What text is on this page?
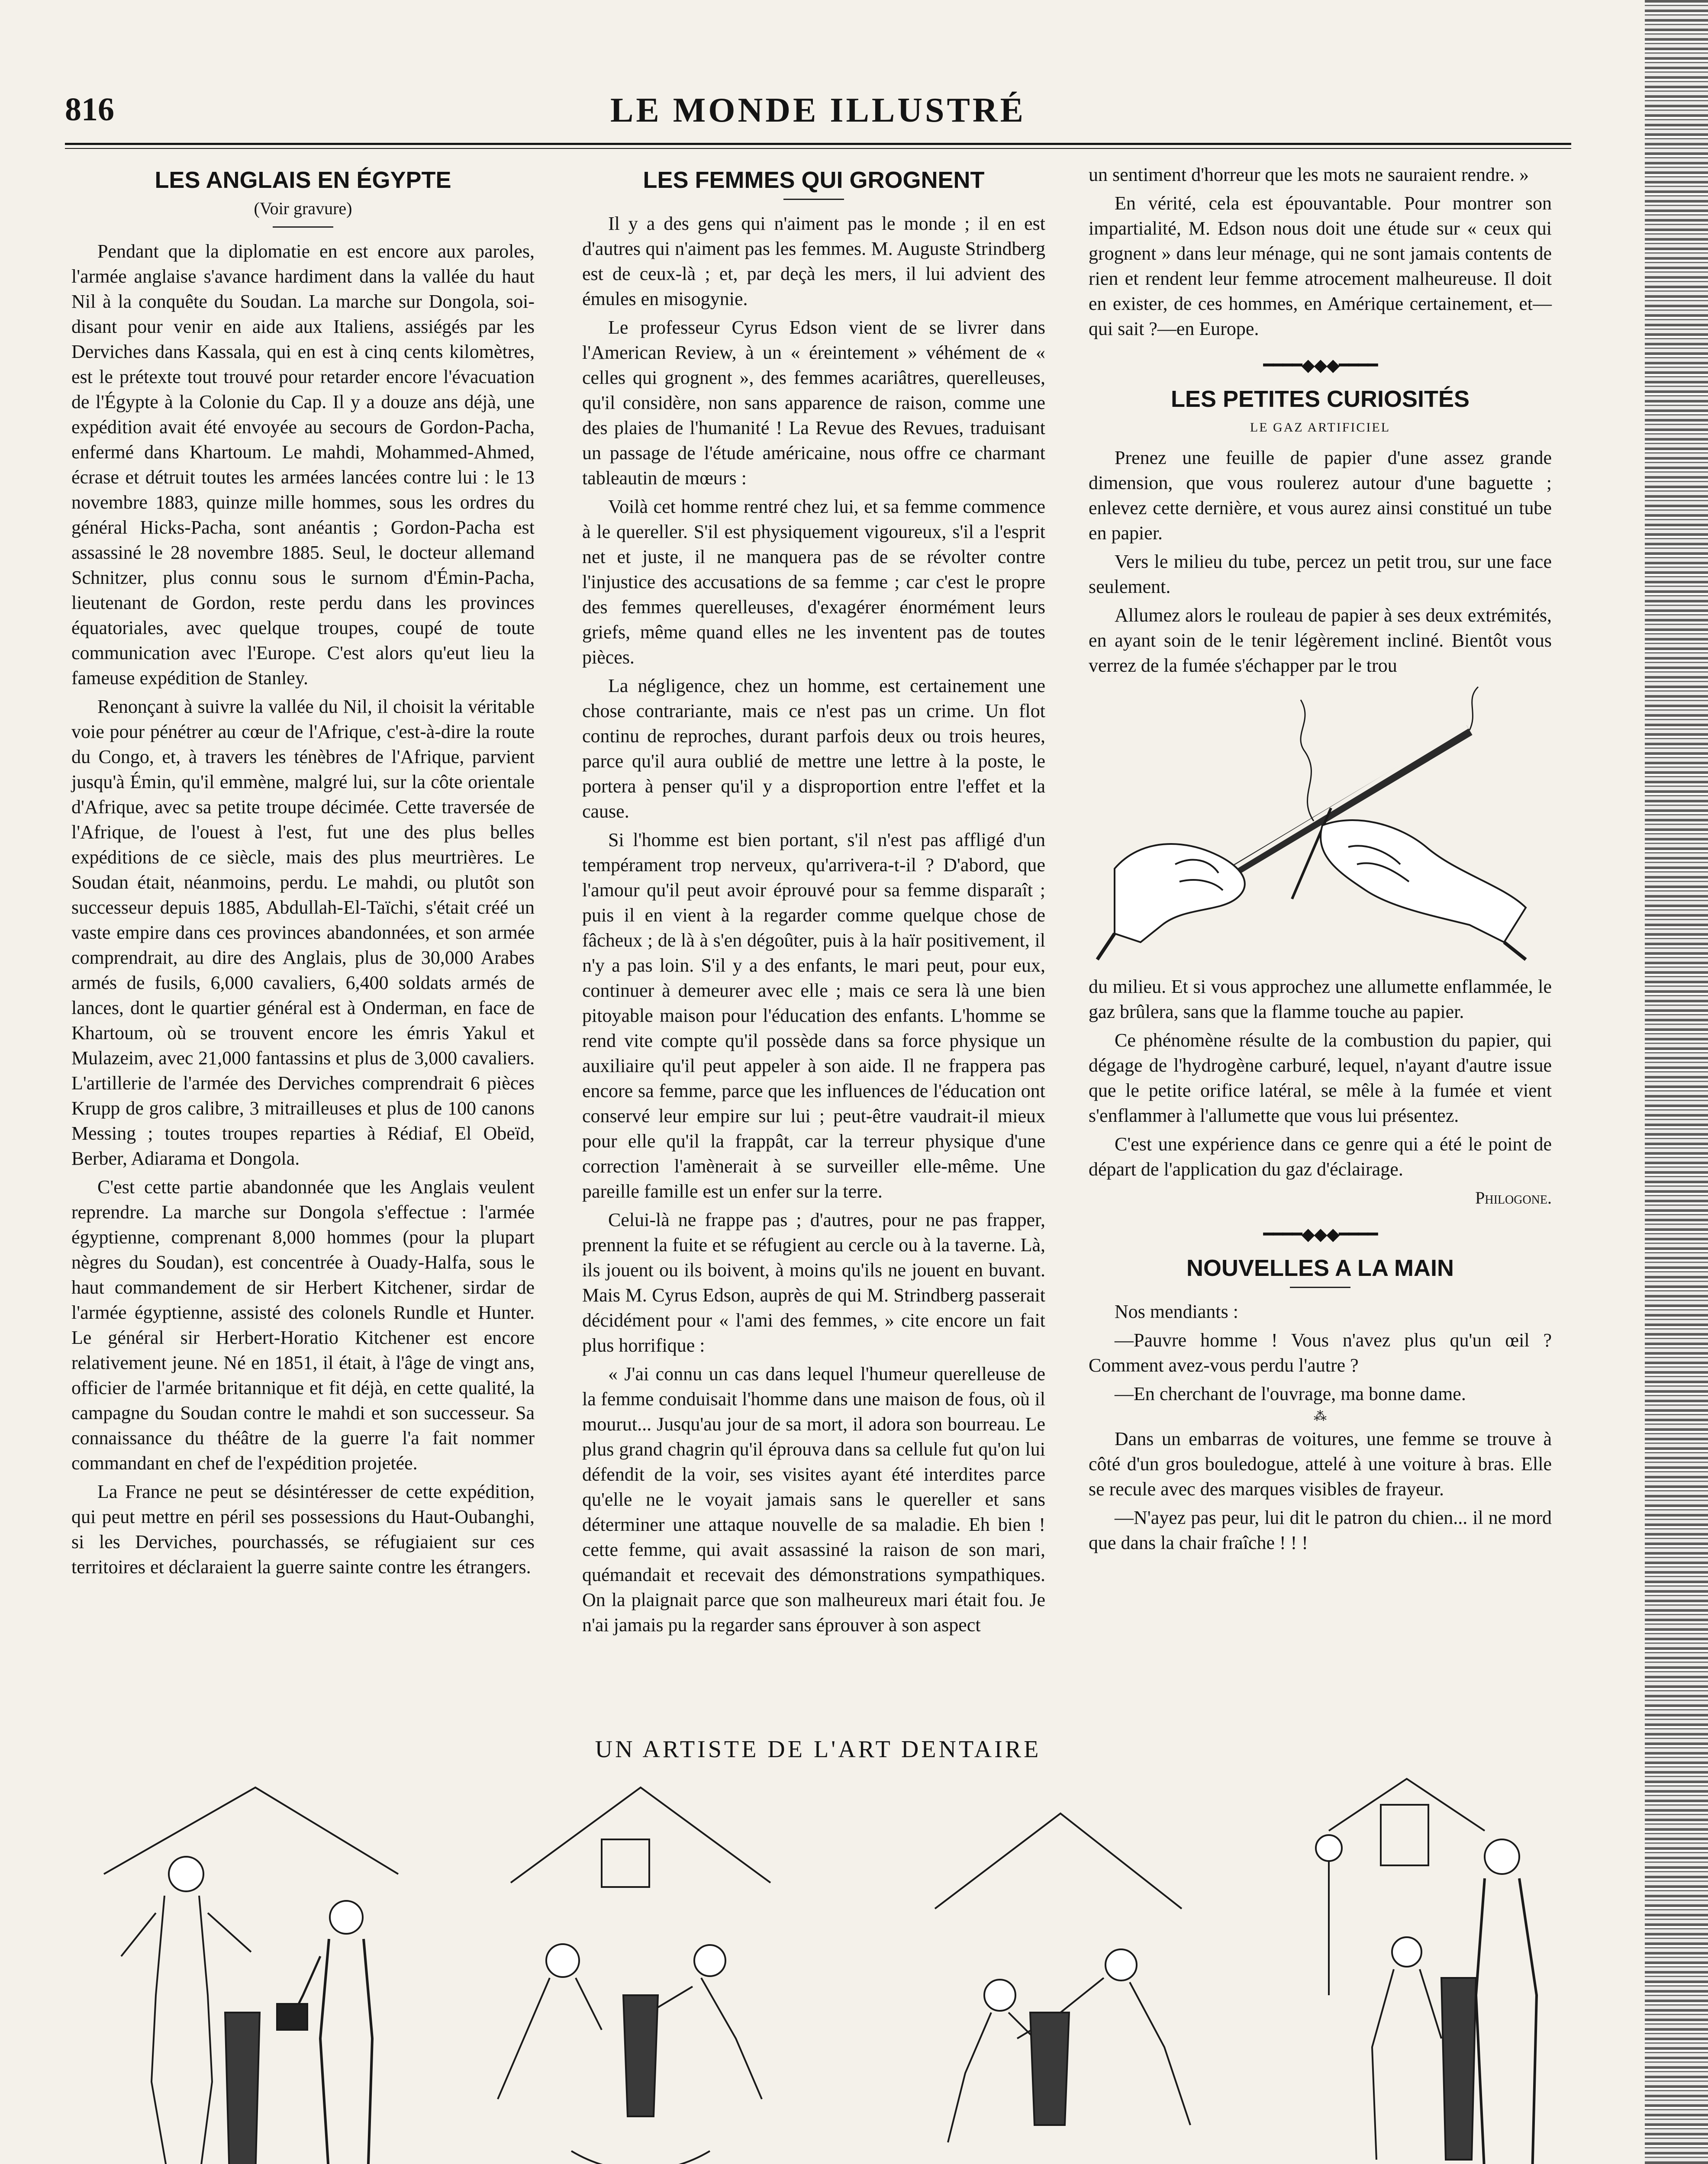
816	LE MONDE ILLUSTRÉ
LES ANGLAIS EN ÉGYPTE
(Voir gravure)

Pendant que la diplomatie en est encore aux paroles, l'armée anglaise s'avance hardiment dans la vallée du haut Nil à la conquête du Soudan. La marche sur Dongola, soi-disant pour venir en aide aux Italiens, assiégés par les Derviches dans Kassala, qui en est à cinq cents kilomètres, est le prétexte tout trouvé pour retarder encore l'évacuation de l'Égypte à la Colonie du Cap. Il y a douze ans déjà, une expédition avait été envoyée au secours de Gordon-Pacha, enfermé dans Khartoum. Le mahdi, Mohammed-Ahmed, écrase et détruit toutes les armées lancées contre lui : le 13 novembre 1883, quinze mille hommes, sous les ordres du général Hicks-Pacha, sont anéantis ; Gordon-Pacha est assassiné le 28 novembre 1885. Seul, le docteur allemand Schnitzer, plus connu sous le surnom d'Émin-Pacha, lieutenant de Gordon, reste perdu dans les provinces équatoriales, avec quelque troupes, coupé de toute communication avec l'Europe. C'est alors qu'eut lieu la fameuse expédition de Stanley.

Renonçant à suivre la vallée du Nil, il choisit la véritable voie pour pénétrer au cœur de l'Afrique, c'est-à-dire la route du Congo, et, à travers les ténèbres de l'Afrique, parvient jusqu'à Émin, qu'il emmène, malgré lui, sur la côte orientale d'Afrique, avec sa petite troupe décimée. Cette traversée de l'Afrique, de l'ouest à l'est, fut une des plus belles expéditions de ce siècle, mais des plus meurtrières. Le Soudan était, néanmoins, perdu. Le mahdi, ou plutôt son successeur depuis 1885, Abdullah-El-Taïchi, s'était créé un vaste empire dans ces provinces abandonnées, et son armée comprendrait, au dire des Anglais, plus de 30,000 Arabes armés de fusils, 6,000 cavaliers, 6,400 soldats armés de lances, dont le quartier général est à Onderman, en face de Khartoum, où se trouvent encore les émris Yakul et Mulazeim, avec 21,000 fantassins et plus de 3,000 cavaliers. L'artillerie de l'armée des Derviches comprendrait 6 pièces Krupp de gros calibre, 3 mitrailleuses et plus de 100 canons Messing ; toutes troupes reparties à Rédiaf, El Obeïd, Berber, Adiarama et Dongola.

C'est cette partie abandonnée que les Anglais veulent reprendre. La marche sur Dongola s'effectue : l'armée égyptienne, comprenant 8,000 hommes (pour la plupart nègres du Soudan), est concentrée à Ouady-Halfa, sous le haut commandement de sir Herbert Kitchener, sirdar de l'armée égyptienne, assisté des colonels Rundle et Hunter. Le général sir Herbert-Horatio Kitchener est encore relativement jeune. Né en 1851, il était, à l'âge de vingt ans, officier de l'armée britannique et fit déjà, en cette qualité, la campagne du Soudan contre le mahdi et son successeur. Sa connaissance du théâtre de la guerre l'a fait nommer commandant en chef de l'expédition projetée.

La France ne peut se désintéresser de cette expédition, qui peut mettre en péril ses possessions du Haut-Oubanghi, si les Derviches, pourchassés, se réfugiaient sur ces territoires et déclaraient la guerre sainte contre les étrangers.

LES FEMMES QUI GROGNENT

Il y a des gens qui n'aiment pas le monde ; il en est d'autres qui n'aiment pas les femmes. M. Auguste Strindberg est de ceux-là ; et, par deçà les mers, il lui advient des émules en misogynie.

Le professeur Cyrus Edson vient de se livrer dans l'American Review, à un « éreintement » véhément de « celles qui grognent », des femmes acariâtres, querelleuses, qu'il considère, non sans apparence de raison, comme une des plaies de l'humanité ! La Revue des Revues, traduisant un passage de l'étude américaine, nous offre ce charmant tableautin de mœurs :

Voilà cet homme rentré chez lui, et sa femme commence à le quereller. S'il est physiquement vigoureux, s'il a l'esprit net et juste, il ne manquera pas de se révolter contre l'injustice des accusations de sa femme ; car c'est le propre des femmes querelleuses, d'exagérer énormément leurs griefs, même quand elles ne les inventent pas de toutes pièces.

La négligence, chez un homme, est certainement une chose contrariante, mais ce n'est pas un crime. Un flot continu de reproches, durant parfois deux ou trois heures, parce qu'il aura oublié de mettre une lettre à la poste, le portera à penser qu'il y a disproportion entre l'effet et la cause.

Si l'homme est bien portant, s'il n'est pas affligé d'un tempérament trop nerveux, qu'arrivera-t-il ? D'abord, que l'amour qu'il peut avoir éprouvé pour sa femme disparaît ; puis il en vient à la regarder comme quelque chose de fâcheux ; de là à s'en dégoûter, puis à la haïr positivement, il n'y a pas loin. S'il y a des enfants, le mari peut, pour eux, continuer à demeurer avec elle ; mais ce sera là une bien pitoyable maison pour l'éducation des enfants. L'homme se rend vite compte qu'il possède dans sa force physique un auxiliaire qu'il peut appeler à son aide. Il ne frappera pas encore sa femme, parce que les influences de l'éducation ont conservé leur empire sur lui ; peut-être vaudrait-il mieux pour elle qu'il la frappât, car la terreur physique d'une correction l'amènerait à se surveiller elle-même. Une pareille famille est un enfer sur la terre.

Celui-là ne frappe pas ; d'autres, pour ne pas frapper, prennent la fuite et se réfugient au cercle ou à la taverne. Là, ils jouent ou ils boivent, à moins qu'ils ne jouent en buvant. Mais M. Cyrus Edson, auprès de qui M. Strindberg passerait décidément pour « l'ami des femmes, » cite encore un fait plus horrifique :

« J'ai connu un cas dans lequel l'humeur querelleuse de la femme conduisait l'homme dans une maison de fous, où il mourut... Jusqu'au jour de sa mort, il adora son bourreau. Le plus grand chagrin qu'il éprouva dans sa cellule fut qu'on lui défendit de la voir, ses visites ayant été interdites parce qu'elle ne le voyait jamais sans le quereller et sans déterminer une attaque nouvelle de sa maladie. Eh bien ! cette femme, qui avait assassiné la raison de son mari, quémandait et recevait des démonstrations sympathiques. On la plaignait parce que son malheureux mari était fou. Je n'ai jamais pu la regarder sans éprouver à son aspect

un sentiment d'horreur que les mots ne sauraient rendre. »

En vérité, cela est épouvantable. Pour montrer son impartialité, M. Edson nous doit une étude sur « ceux qui grognent » dans leur ménage, qui ne sont jamais contents de rien et rendent leur femme atrocement malheureuse. Il doit en exister, de ces hommes, en Amérique certainement, et—qui sait ?—en Europe.

━━━━◆◆◆━━━━
LES PETITES CURIOSITÉS
LE GAZ ARTIFICIEL

Prenez une feuille de papier d'une assez grande dimension, que vous roulerez autour d'une baguette ; enlevez cette dernière, et vous aurez ainsi constitué un tube en papier.

Vers le milieu du tube, percez un petit trou, sur une face seulement.

Allumez alors le rouleau de papier à ses deux extrémités, en ayant soin de le tenir légèrement incliné. Bientôt vous verrez de la fumée s'échapper par le trou

du milieu. Et si vous approchez une allumette enflammée, le gaz brûlera, sans que la flamme touche au papier.

Ce phénomène résulte de la combustion du papier, qui dégage de l'hydrogène carburé, lequel, n'ayant d'autre issue que le petite orifice latéral, se mêle à la fumée et vient s'enflammer à l'allumette que vous lui présentez.

C'est une expérience dans ce genre qui a été le point de départ de l'application du gaz d'éclairage.

Philogone.
━━━━◆◆◆━━━━
NOUVELLES A LA MAIN

Nos mendiants :

—Pauvre homme ! Vous n'avez plus qu'un œil ? Comment avez-vous perdu l'autre ?

—En cherchant de l'ouvrage, ma bonne dame.

⁂

Dans un embarras de voitures, une femme se trouve à côté d'un gros bouledogue, attelé à une voiture à bras. Elle se recule avec des marques visibles de frayeur.

—N'ayez pas peur, lui dit le patron du chien... il ne mord que dans la chair fraîche ! ! !

UN ARTISTE DE L'ART DENTAIRE
